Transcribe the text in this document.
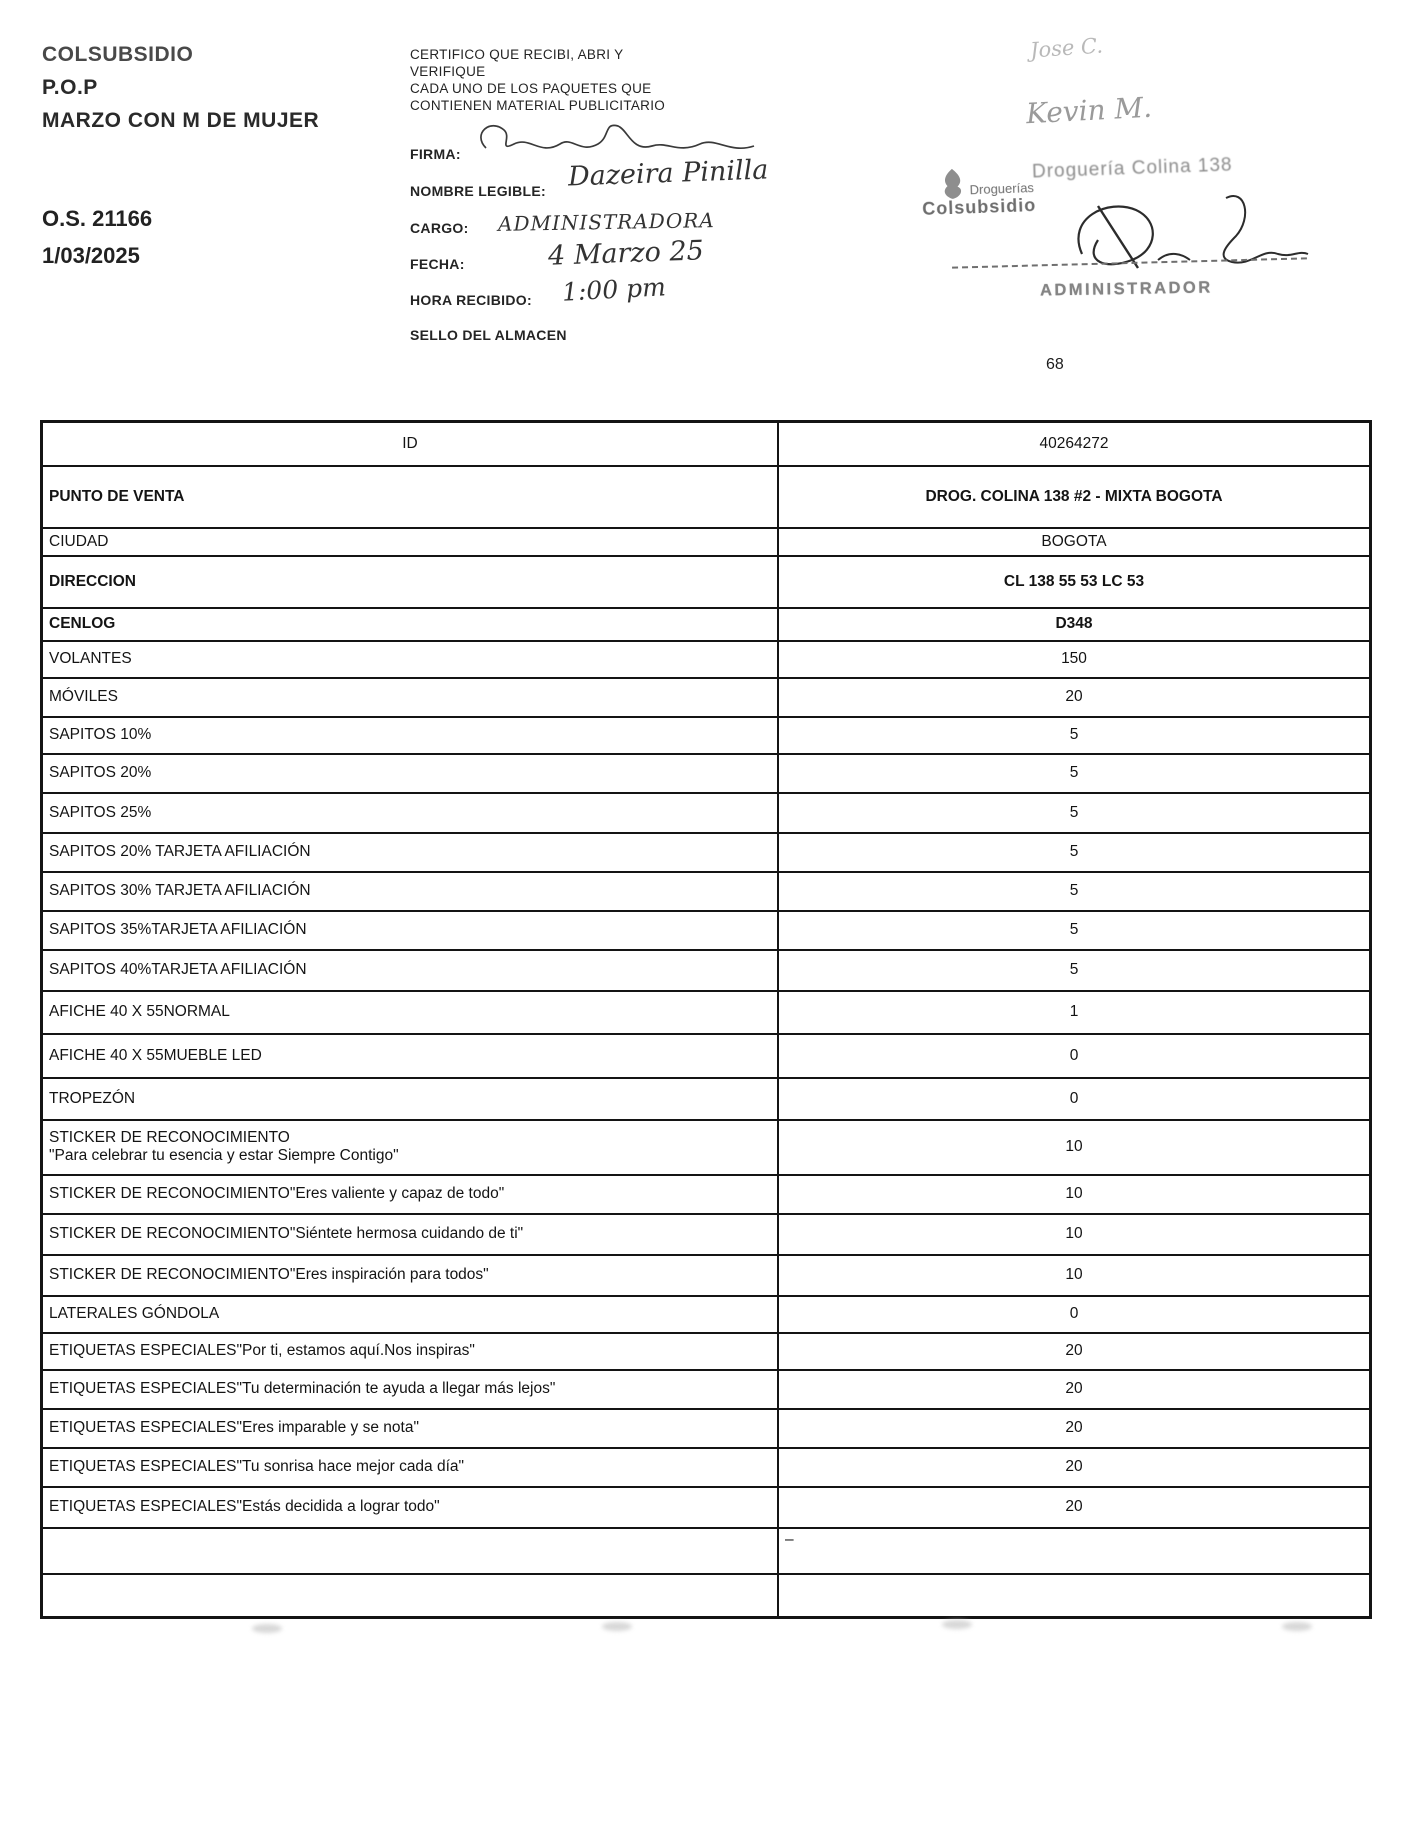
COLSUBSIDIO
P.O.P
MARZO CON M DE MUJER
O.S. 21166
1/03/2025
CERTIFICO QUE RECIBI, ABRI Y
VERIFIQUE
CADA UNO DE LOS PAQUETES QUE
CONTIENEN MATERIAL PUBLICITARIO
FIRMA:
NOMBRE LEGIBLE: Dazeira Pinilla
CARGO: ADMINISTRADORA
FECHA:	4 Marzo 25
HORA RECIBIDO: 1:00 pm
SELLO DEL ALMACEN
Jose C.
Kevin M.
Droguería Colina 138
Droguerías
Colsubsidio
ADMINISTRADOR
68
ID	40264272
PUNTO DE VENTA	DROG. COLINA 138 #2 - MIXTA BOGOTA
CIUDAD	BOGOTA
DIRECCION	CL 138 55 53 LC 53
CENLOG	D348
VOLANTES	150
MÓVILES	20
SAPITOS 10%	5
SAPITOS 20%	5
SAPITOS 25%	5
SAPITOS 20% TARJETA AFILIACIÓN	5
SAPITOS 30% TARJETA AFILIACIÓN	5
SAPITOS 35%TARJETA AFILIACIÓN	5
SAPITOS 40%TARJETA AFILIACIÓN	5
AFICHE 40 X 55NORMAL	1
AFICHE 40 X 55MUEBLE LED	0
TROPEZÓN	0

STICKER DE RECONOCIMIENTO
"Para celebrar tu esencia y estar Siempre Contigo"	10
STICKER DE RECONOCIMIENTO"Eres valiente y capaz de todo"	10
STICKER DE RECONOCIMIENTO"Siéntete hermosa cuidando de ti"	10
STICKER DE RECONOCIMIENTO"Eres inspiración para todos"	10
LATERALES GÓNDOLA	0
ETIQUETAS ESPECIALES"Por ti, estamos aquí.Nos inspiras"	20
ETIQUETAS ESPECIALES"Tu determinación te ayuda a llegar más lejos"	20
ETIQUETAS ESPECIALES"Eres imparable y se nota"	20
ETIQUETAS ESPECIALES"Tu sonrisa hace mejor cada día"	20
ETIQUETAS ESPECIALES"Estás decidida a lograr todo"	20
	–
